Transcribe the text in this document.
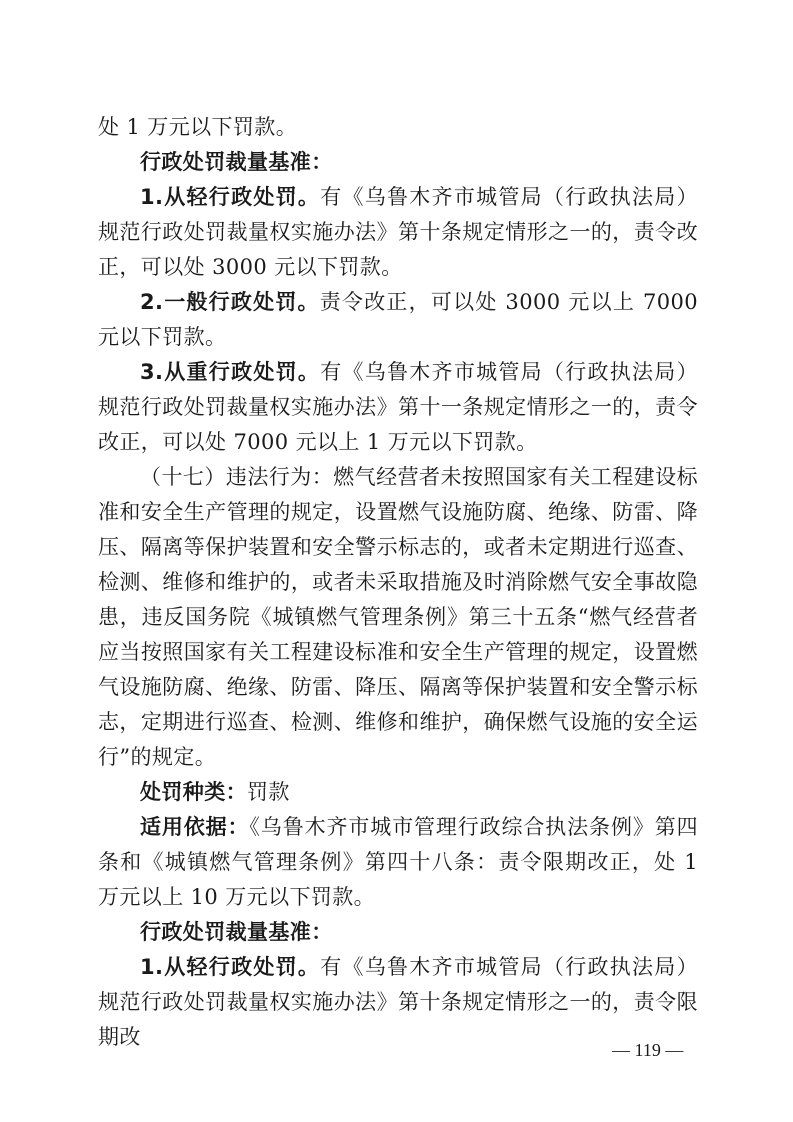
处 1 万元以下罚款。

行政处罚裁量基准：

1.从轻行政处罚。有《乌鲁木齐市城管局（行政执法局）规范行政处罚裁量权实施办法》第十条规定情形之一的，责令改正，可以处 3000 元以下罚款。

2.一般行政处罚。责令改正，可以处 3000 元以上 7000 元以下罚款。

3.从重行政处罚。有《乌鲁木齐市城管局（行政执法局）规范行政处罚裁量权实施办法》第十一条规定情形之一的，责令改正，可以处 7000 元以上 1 万元以下罚款。

（十七）违法行为：燃气经营者未按照国家有关工程建设标准和安全生产管理的规定，设置燃气设施防腐、绝缘、防雷、降压、隔离等保护装置和安全警示标志的，或者未定期进行巡查、检测、维修和维护的，或者未采取措施及时消除燃气安全事故隐患，违反国务院《城镇燃气管理条例》第三十五条“燃气经营者应当按照国家有关工程建设标准和安全生产管理的规定，设置燃气设施防腐、绝缘、防雷、降压、隔离等保护装置和安全警示标志，定期进行巡查、检测、维修和维护，确保燃气设施的安全运行”的规定。

处罚种类：罚款

适用依据：《乌鲁木齐市城市管理行政综合执法条例》第四条和《城镇燃气管理条例》第四十八条：责令限期改正，处 1 万元以上 10 万元以下罚款。

行政处罚裁量基准：

1.从轻行政处罚。有《乌鲁木齐市城管局（行政执法局）规范行政处罚裁量权实施办法》第十条规定情形之一的，责令限期改

— 119 —
